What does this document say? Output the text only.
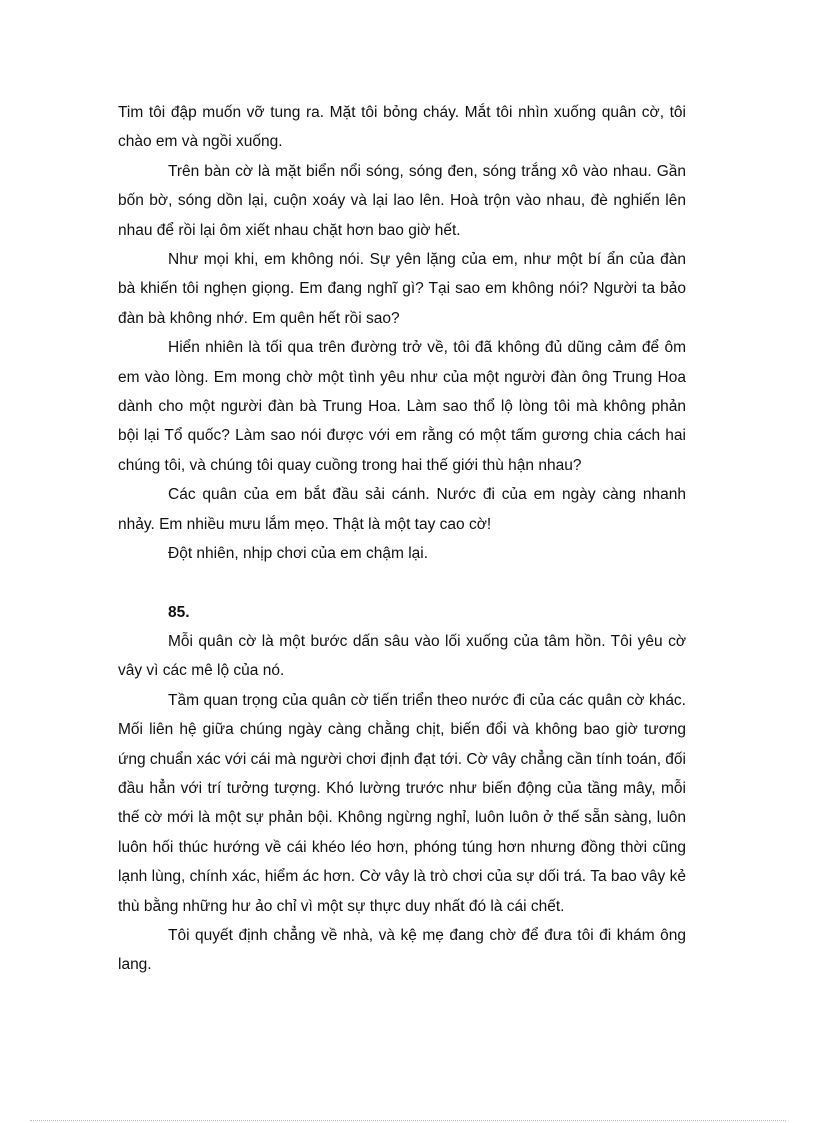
Tim tôi đập muốn vỡ tung ra. Mặt tôi bỏng cháy. Mắt tôi nhìn xuống quân cờ, tôi chào em và ngồi xuống.

Trên bàn cờ là mặt biển nổi sóng, sóng đen, sóng trắng xô vào nhau. Gần bốn bờ, sóng dồn lại, cuộn xoáy và lại lao lên. Hoà trộn vào nhau, đè nghiến lên nhau để rồi lại ôm xiết nhau chặt hơn bao giờ hết.

Như mọi khi, em không nói. Sự yên lặng của em, như một bí ẩn của đàn bà khiến tôi nghẹn giọng. Em đang nghĩ gì? Tại sao em không nói? Người ta bảo đàn bà không nhớ. Em quên hết rồi sao?

Hiển nhiên là tối qua trên đường trở về, tôi đã không đủ dũng cảm để ôm em vào lòng. Em mong chờ một tình yêu như của một người đàn ông Trung Hoa dành cho một người đàn bà Trung Hoa. Làm sao thổ lộ lòng tôi mà không phản bội lại Tổ quốc? Làm sao nói được với em rằng có một tấm gương chia cách hai chúng tôi, và chúng tôi quay cuồng trong hai thế giới thù hận nhau?

Các quân của em bắt đầu sải cánh. Nước đi của em ngày càng nhanh nhảy. Em nhiều mưu lắm mẹo. Thật là một tay cao cờ!

Đột nhiên, nhịp chơi của em chậm lại.

85.

Mỗi quân cờ là một bước dấn sâu vào lối xuống của tâm hồn. Tôi yêu cờ vây vì các mê lộ của nó.

Tầm quan trọng của quân cờ tiến triển theo nước đi của các quân cờ khác. Mối liên hệ giữa chúng ngày càng chằng chịt, biến đổi và không bao giờ tương ứng chuẩn xác với cái mà người chơi định đạt tới. Cờ vây chẳng cần tính toán, đối đầu hẳn với trí tưởng tượng. Khó lường trước như biến động của tầng mây, mỗi thế cờ mới là một sự phản bội. Không ngừng nghỉ, luôn luôn ở thế sẵn sàng, luôn luôn hối thúc hướng về cái khéo léo hơn, phóng túng hơn nhưng đồng thời cũng lạnh lùng, chính xác, hiểm ác hơn. Cờ vây là trò chơi của sự dối trá. Ta bao vây kẻ thù bằng những hư ảo chỉ vì một sự thực duy nhất đó là cái chết.

Tôi quyết định chẳng về nhà, và kệ mẹ đang chờ để đưa tôi đi khám ông lang.
